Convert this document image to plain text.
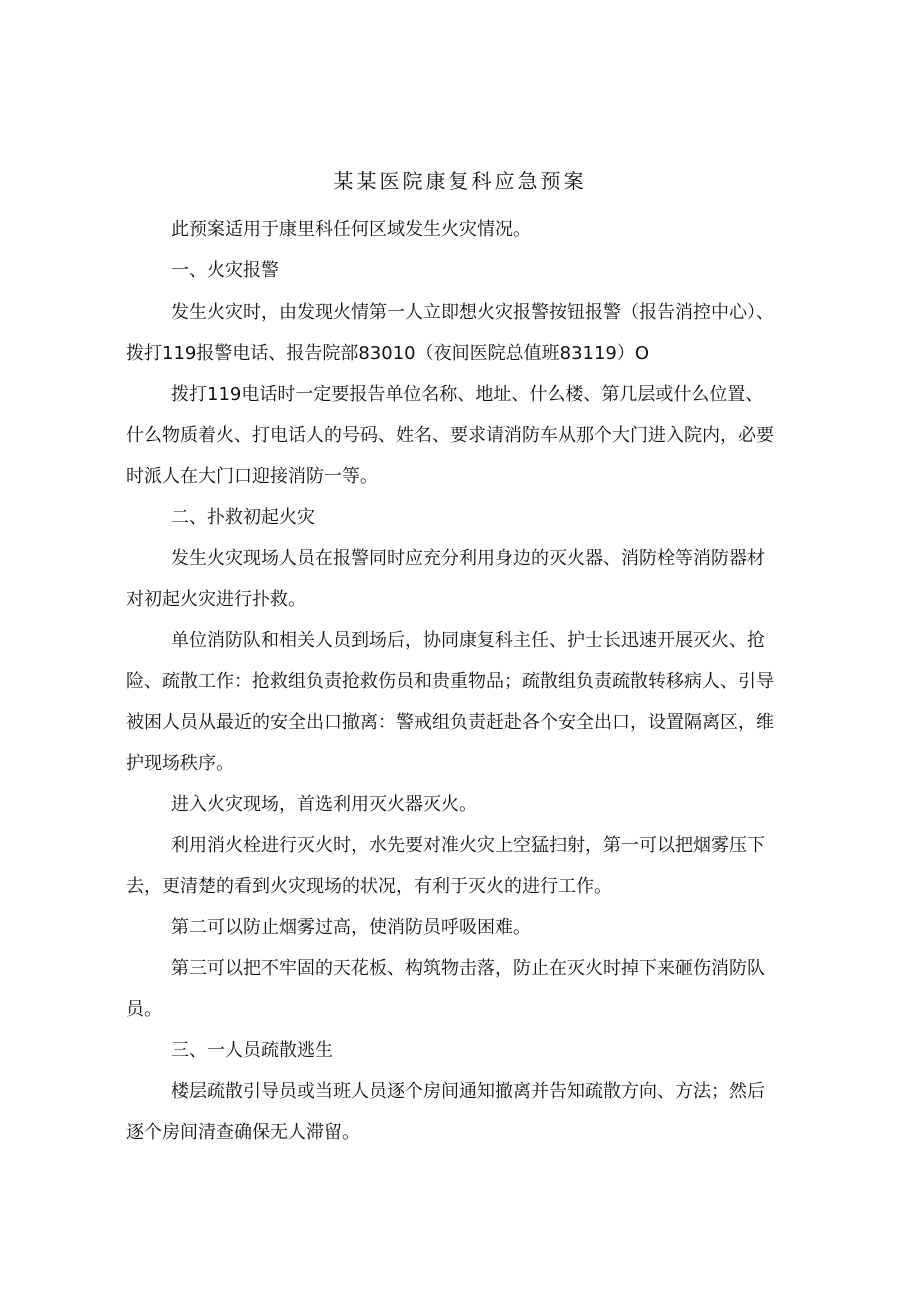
某某医院康复科应急预案
此预案适用于康里科任何区域发生火灾情况。
一、火灾报警
发生火灾时，由发现火情第一人立即想火灾报警按钮报警（报告消控中心）、
拨打119报警电话、报告院部83010（夜间医院总值班83119）O
拨打119电话时一定要报告单位名称、地址、什么楼、第几层或什么位置、
什么物质着火、打电话人的号码、姓名、要求请消防车从那个大门进入院内，必要
时派人在大门口迎接消防一等。
二、扑救初起火灾
发生火灾现场人员在报警同时应充分利用身边的灭火器、消防栓等消防器材
对初起火灾进行扑救。
单位消防队和相关人员到场后，协同康复科主任、护士长迅速开展灭火、抢
险、疏散工作：抢救组负责抢救伤员和贵重物品；疏散组负责疏散转移病人、引导
被困人员从最近的安全出口撤离：警戒组负责赶赴各个安全出口，设置隔离区，维
护现场秩序。
进入火灾现场，首选利用灭火器灭火。
利用消火栓进行灭火时，水先要对准火灾上空猛扫射，第一可以把烟雾压下
去，更清楚的看到火灾现场的状况，有利于灭火的进行工作。
第二可以防止烟雾过高，使消防员呼吸困难。
第三可以把不牢固的天花板、构筑物击落，防止在灭火时掉下来砸伤消防队
员。
三、一人员疏散逃生
楼层疏散引导员或当班人员逐个房间通知撤离并告知疏散方向、方法；然后
逐个房间清查确保无人滞留。
